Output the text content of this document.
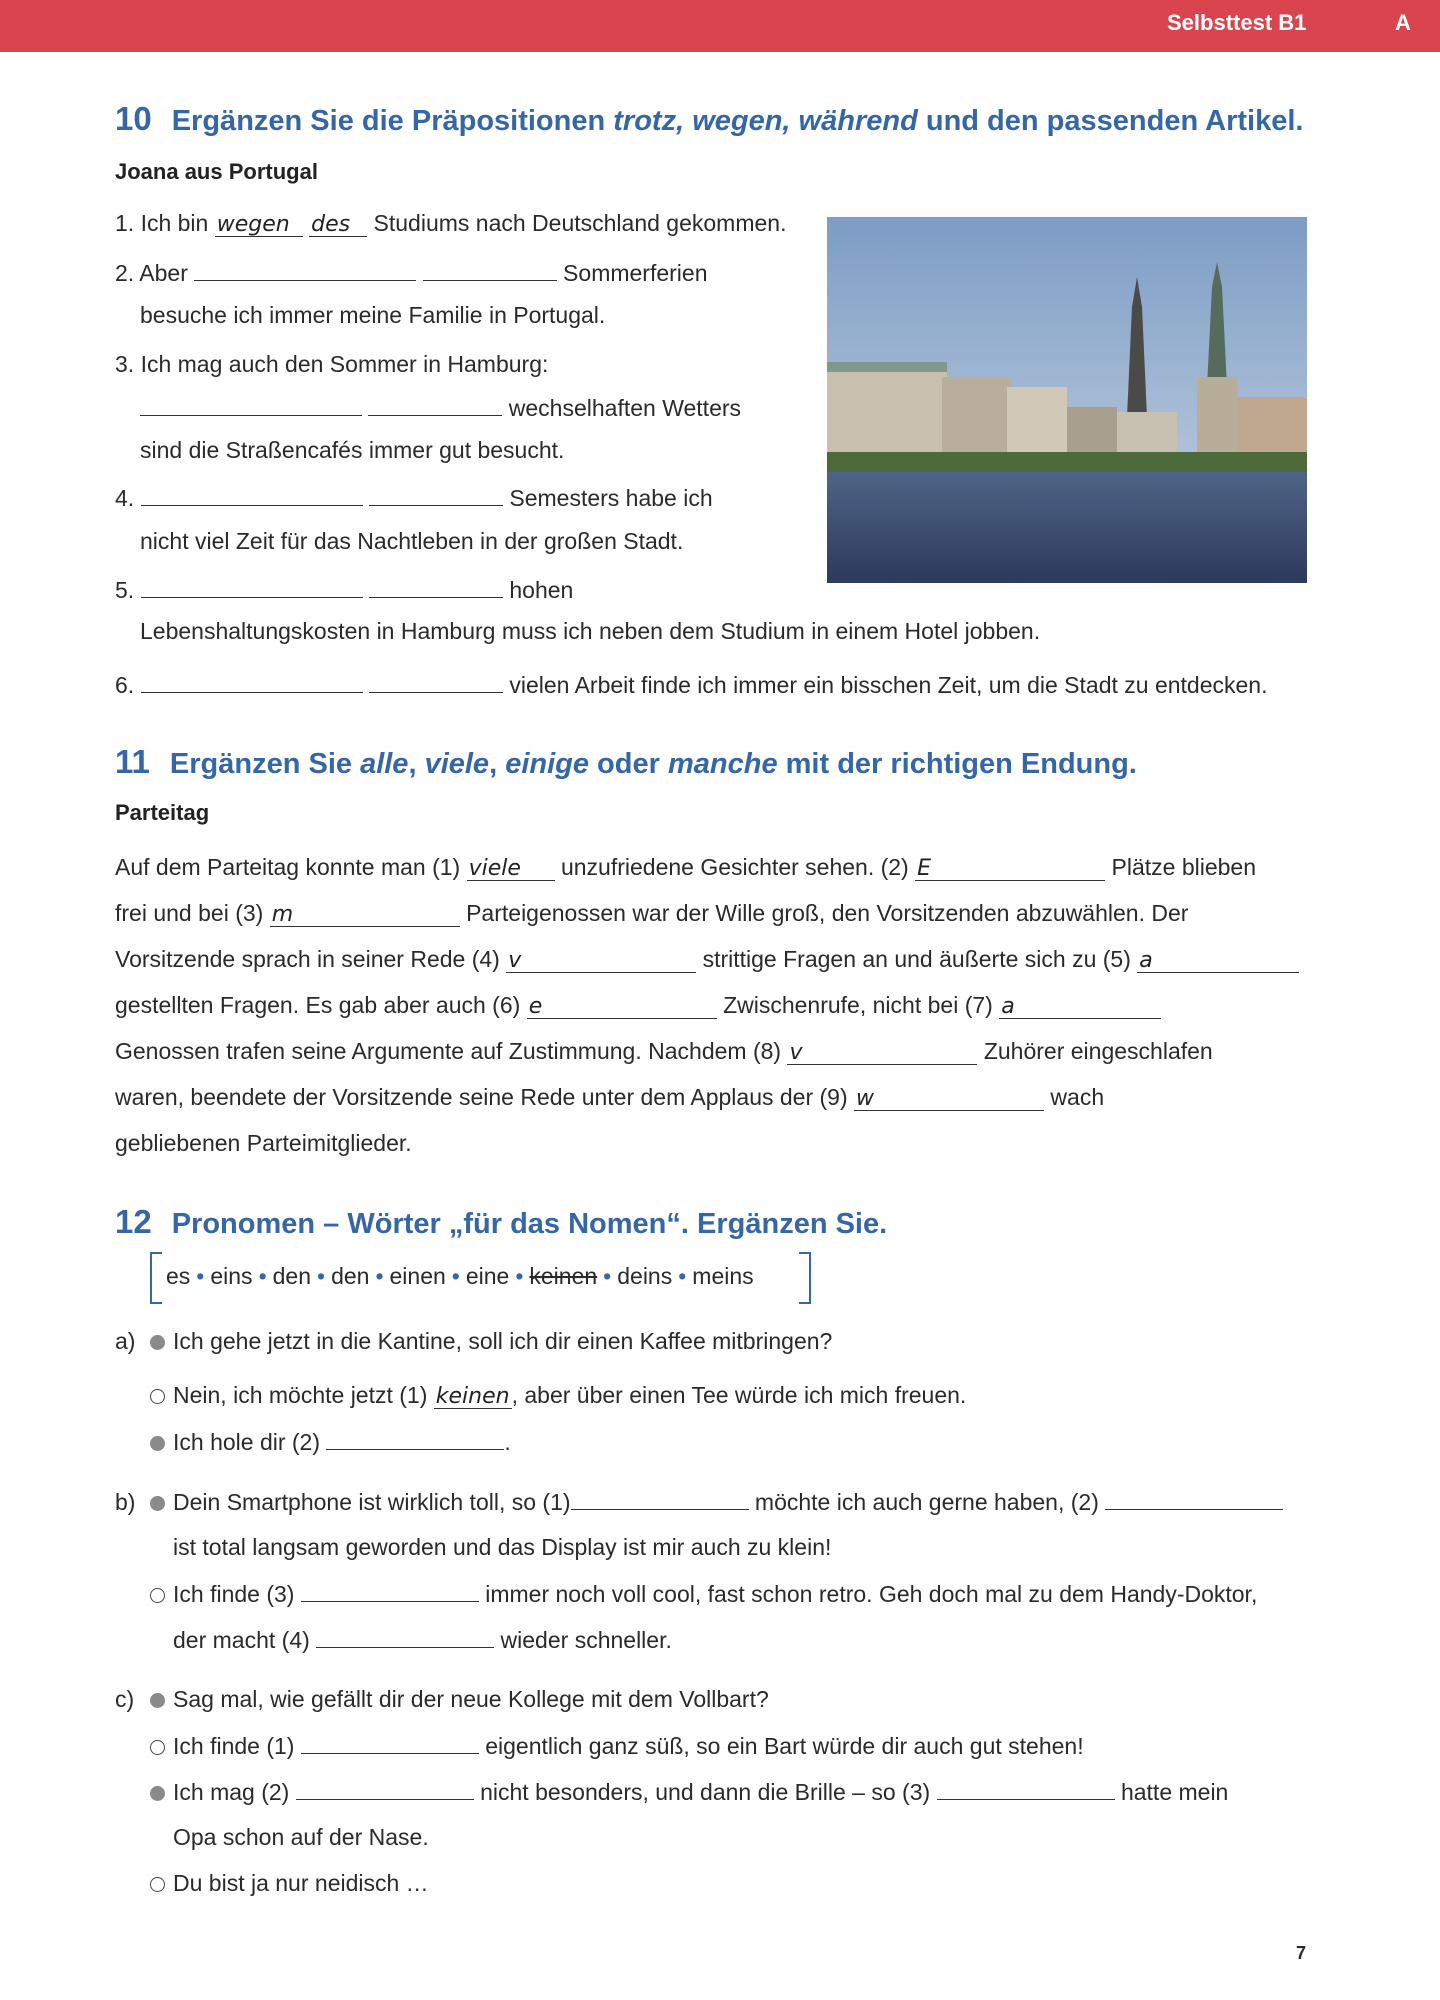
Selbsttest B1	A
10 Ergänzen Sie die Präpositionen trotz, wegen, während und den passenden Artikel.
Joana aus Portugal
1. Ich bin wegen des Studiums nach Deutschland gekommen.
2. Aber	Sommerferien
besuche ich immer meine Familie in Portugal.
3. Ich mag auch den Sommer in Hamburg:
wechselhaften Wetters
sind die Straßencafés immer gut besucht.
4.	Semesters habe ich
nicht viel Zeit für das Nachtleben in der großen Stadt.
5.	hohen
Lebenshaltungskosten in Hamburg muss ich neben dem Studium in einem Hotel jobben.
6.	vielen Arbeit finde ich immer ein bisschen Zeit, um die Stadt zu entdecken.
11 Ergänzen Sie alle, viele, einige oder manche mit der richtigen Endung.
Parteitag
Auf dem Parteitag konnte man (1) viele unzufriedene Gesichter sehen. (2) E	Plätze blieben
frei und bei (3) m	Parteigenossen war der Wille groß, den Vorsitzenden abzuwählen. Der
Vorsitzende sprach in seiner Rede (4) v	strittige Fragen an und äußerte sich zu (5) a
gestellten Fragen. Es gab aber auch (6) e	Zwischenrufe, nicht bei (7) a
Genossen trafen seine Argumente auf Zustimmung. Nachdem (8) v	Zuhörer eingeschlafen
waren, beendete der Vorsitzende seine Rede unter dem Applaus der (9) w	wach
gebliebenen Parteimitglieder.
12 Pronomen – Wörter „für das Nomen“. Ergänzen Sie.
es • eins • den • den • einen • eine • keinen • deins • meins
a) Ich gehe jetzt in die Kantine, soll ich dir einen Kaffee mitbringen?
Nein, ich möchte jetzt (1) keinen, aber über einen Tee würde ich mich freuen.
Ich hole dir (2)	.
b) Dein Smartphone ist wirklich toll, so (1)	möchte ich auch gerne haben, (2)
ist total langsam geworden und das Display ist mir auch zu klein!
Ich finde (3)	immer noch voll cool, fast schon retro. Geh doch mal zu dem Handy-Doktor,
der macht (4)	wieder schneller.
c) Sag mal, wie gefällt dir der neue Kollege mit dem Vollbart?
Ich finde (1)	eigentlich ganz süß, so ein Bart würde dir auch gut stehen!
Ich mag (2)	nicht besonders, und dann die Brille – so (3)	hatte mein
Opa schon auf der Nase.
Du bist ja nur neidisch …
7
